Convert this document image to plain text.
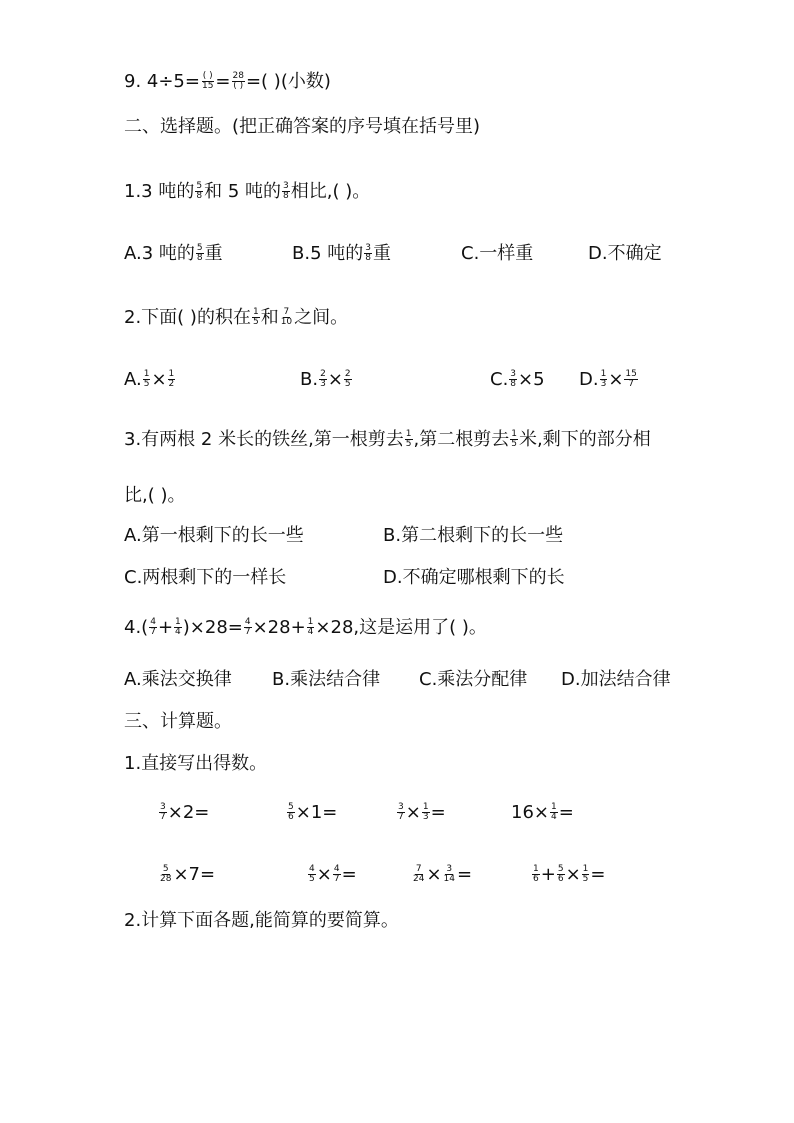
9. $4\div 5= \frac{( )}{15} = \frac{28}{( )}$ =( )(小数)
二、选择题。(把正确答案的序号填在括号里)
1.3 吨的 $\frac{5}{8}$ 和 5 吨的 $\frac{3}{8}$ 相比,( )。
A.3 吨的 $\frac{5}{8}$ 重	B.5 吨的 $\frac{3}{8}$ 重	C.一样重	D.不确定
2.下面( )的积在 $\frac{1}{5}$ 和 $\frac{7}{10}$ 之间。
A. $\frac{1}{5} \times \frac{1}{2}$	B. $\frac{2}{3} \times \frac{2}{5}$	C. $\frac{3}{8} \times 5$ D. $\frac{1}{3} \times \frac{15}{7}$
3.有两根 2 米长的铁丝,第一根剪去 $\frac{1}{5}$ ,第二根剪去 $\frac{1}{5}$ 米,剩下的部分相
比,( )。
A.第一根剩下的长一些	B.第二根剩下的长一些
C.两根剩下的一样长	D.不确定哪根剩下的长
$4.( \frac{4}{7} + \frac{1}{4} )\times 28= \frac{4}{7} \times 28+ \frac{1}{4} \times 28$,这是运用了( )。
A.乘法交换律 B.乘法结合律 C.乘法分配律 D.加法结合律
三、计算题。
1.直接写出得数。
$\frac{3}{7} \times 2=$	$\frac{5}{6} \times 1=$	$\frac{3}{7} \times \frac{1}{3}$ =	$16\times \frac{1}{4}$ =
$\frac{5}{28} \times 7=$	$\frac{4}{5} \times \frac{4}{7}$ =	$\frac{7}{24} \times \frac{3}{14}$ =	$\frac{1}{6} + \frac{5}{6} \times \frac{1}{5}$ =
2.计算下面各题,能简算的要简算。
